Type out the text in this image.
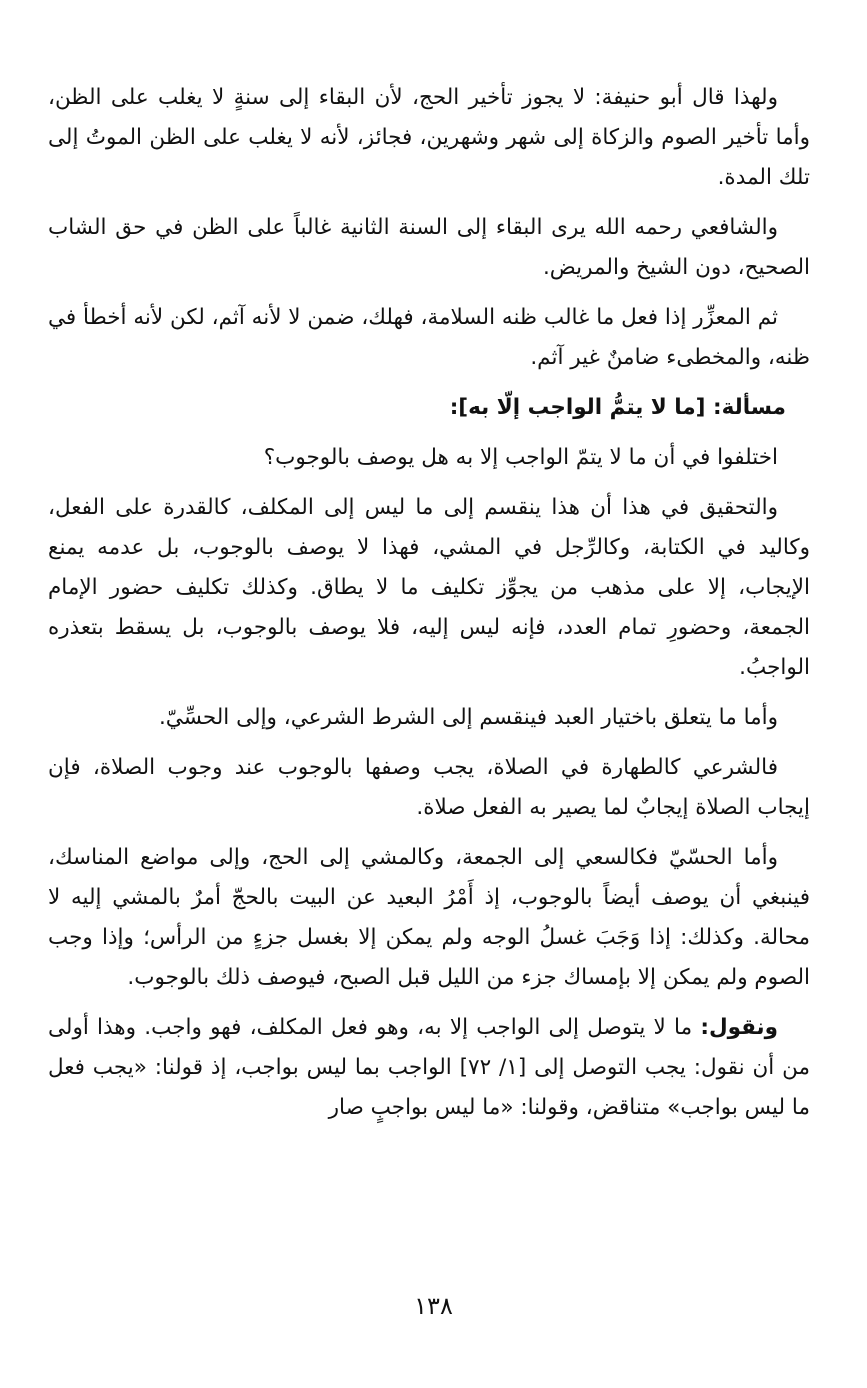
ولهذا قال أبو حنيفة: لا يجوز تأخير الحج، لأن البقاء إلى سنةٍ لا يغلب على الظن، وأما تأخير الصوم والزكاة إلى شهر وشهرين، فجائز، لأنه لا يغلب على الظن الموتُ إلى تلك المدة.

والشافعي رحمه الله يرى البقاء إلى السنة الثانية غالباً على الظن في حق الشاب الصحيح، دون الشيخ والمريض.

ثم المعزِّر إذا فعل ما غالب ظنه السلامة، فهلك، ضمن لا لأنه آثم، لكن لأنه أخطأ في ظنه، والمخطىء ضامنٌ غير آثم.

مسألة: [ما لا يتمُّ الواجب إلّا به]:

اختلفوا في أن ما لا يتمّ الواجب إلا به هل يوصف بالوجوب؟

والتحقيق في هذا أن هذا ينقسم إلى ما ليس إلى المكلف، كالقدرة على الفعل، وكاليد في الكتابة، وكالرِّجل في المشي، فهذا لا يوصف بالوجوب، بل عدمه يمنع الإيجاب، إلا على مذهب من يجوِّز تكليف ما لا يطاق. وكذلك تكليف حضور الإمام الجمعة، وحضورِ تمام العدد، فإنه ليس إليه، فلا يوصف بالوجوب، بل يسقط بتعذره الواجبُ.

وأما ما يتعلق باختيار العبد فينقسم إلى الشرط الشرعي، وإلى الحسِّيّ.

فالشرعي كالطهارة في الصلاة، يجب وصفها بالوجوب عند وجوب الصلاة، فإن إيجاب الصلاة إيجابٌ لما يصير به الفعل صلاة.

وأما الحسّيّ فكالسعي إلى الجمعة، وكالمشي إلى الحج، وإلى مواضع المناسك، فينبغي أن يوصف أيضاً بالوجوب، إذ أَمْرُ البعيد عن البيت بالحجّ أمرٌ بالمشي إليه لا محالة. وكذلك: إذا وَجَبَ غسلُ الوجه ولم يمكن إلا بغسل جزءٍ من الرأس؛ وإذا وجب الصوم ولم يمكن إلا بإمساك جزء من الليل قبل الصبح، فيوصف ذلك بالوجوب.

ونقول: ما لا يتوصل إلى الواجب إلا به، وهو فعل المكلف، فهو واجب. وهذا أولى من أن نقول: يجب التوصل إلى [١/ ٧٢] الواجب بما ليس بواجب، إذ قولنا: «يجب فعل ما ليس بواجب» متناقض، وقولنا: «ما ليس بواجبٍ صار

١٣٨
